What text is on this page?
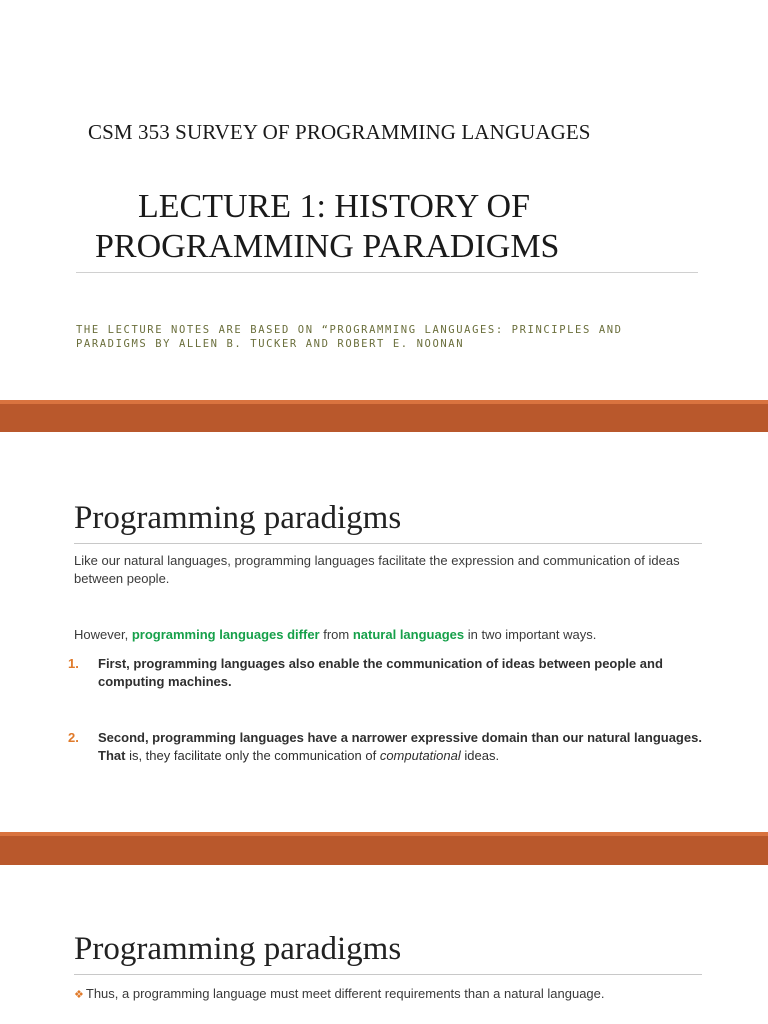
CSM 353 SURVEY OF PROGRAMMING LANGUAGES
LECTURE 1: HISTORY OF
PROGRAMMING PARADIGMS
THE LECTURE NOTES ARE BASED ON “PROGRAMMING LANGUAGES: PRINCIPLES AND PARADIGMS BY ALLEN B. TUCKER AND ROBERT E. NOONAN
Programming paradigms

Like our natural languages, programming languages facilitate the expression and communication of ideas between people.

However, programming languages differ from natural languages in two important ways.

1. First, programming languages also enable the communication of ideas between people and computing machines.
2. Second, programming languages have a narrower expressive domain than our natural languages. That is, they facilitate only the communication of computational ideas.
Programming paradigms

❖ Thus, a programming language must meet different requirements than a natural language.
